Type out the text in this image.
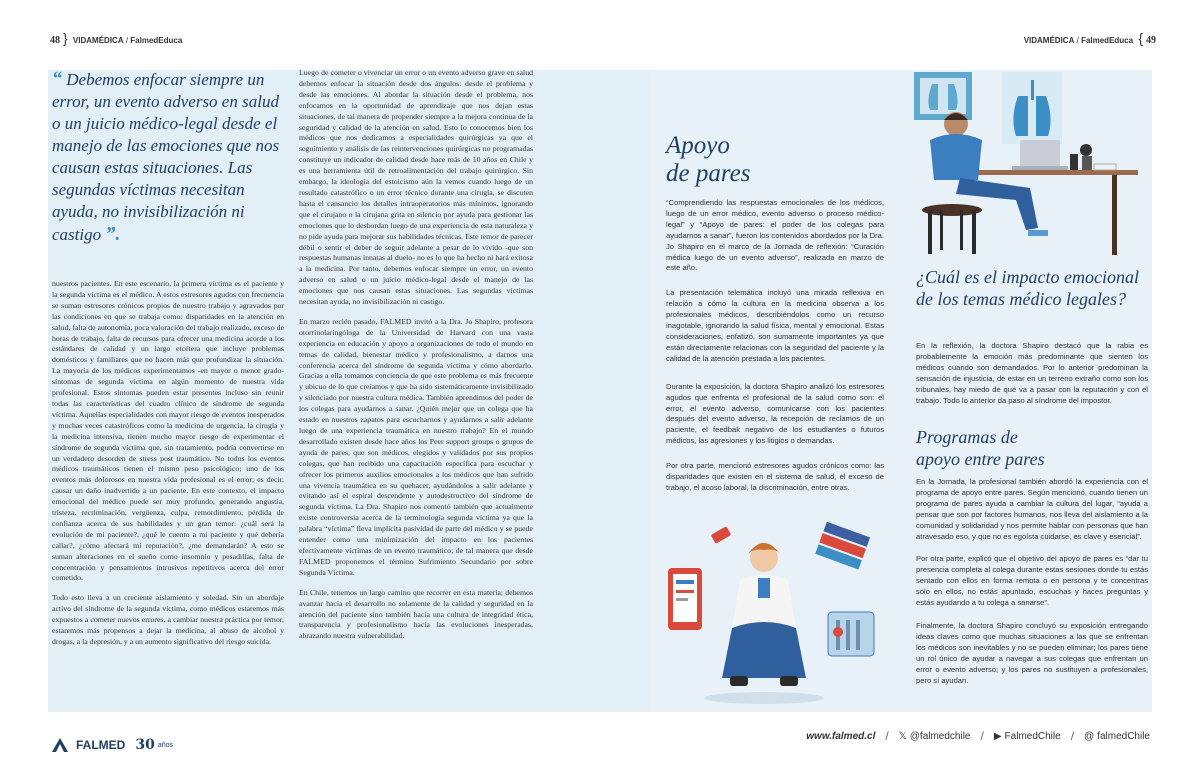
48 } VIDAMÉDICA / FalmedEduca	VIDAMÉDICA / FalmedEduca { 49
“ Debemos enfocar siempre un error, un evento adverso en salud o un juicio médico-legal desde el manejo de las emociones que nos causan estas situaciones. Las segundas víctimas necesitan ayuda, no invisibilización ni castigo ”.

nuestros pacientes. En este escenario, la primera víctima es el paciente y la segunda víctima es el médico. A estos estresores agudos con frecuencia se suman estresores crónicos propios de nuestro trabajo y agravados por las condiciones en que se trabaja como: disparidades en la atención en salud, falta de autonomía, poca valoración del trabajo realizado, exceso de horas de trabajo, falta de recursos para ofrecer una medicina acorde a los estándares de calidad y un largo etcétera que incluye problemas domésticos y familiares que no hacen más que profundizar la situación. La mayoría de los médicos experimentamos -en mayor o menor grado- síntomas de segunda víctima en algún momento de nuestra vida profesional. Estos síntomas pueden estar presentes incluso sin reunir todas las características del cuadro clínico de síndrome de segunda víctima. Aquellas especialidades con mayor riesgo de eventos inesperados y muchas veces catastróficos como la medicina de urgencia, la cirugía y la medicina intensiva, tienen mucho mayor riesgo de experimentar el síndrome de segunda víctima que, sin tratamiento, podría convertirse en un verdadero desorden de stress post traumático. No todos los eventos médicos traumáticos tienen el mismo peso psicológico; uno de los eventos más dolorosos en nuestra vida profesional es el error; es decir, causar un daño inadvertido a un paciente. En este contexto, el impacto emocional del médico puede ser muy profundo, generando angustia, tristeza, recriminación, vergüenza, culpa, remordimiento, pérdida de confianza acerca de sus habilidades y un gran temor: ¿cuál será la evolución de mi paciente?, ¿qué le cuento a mi paciente y qué debería callar?, ¿cómo afectará mi reputación?, ¿me demandarán? A esto se suman alteraciones en el sueño como insomnio y pesadillas, falta de concentración y pensamientos intrusivos repetitivos acerca del error cometido.

Todo esto lleva a un creciente aislamiento y soledad. Sin un abordaje activo del síndrome de la segunda víctima, como médicos estaremos más expuestos a cometer nuevos errores, a cambiar nuestra práctica por temor, estaremos más propensos a dejar la medicina, al abuso de alcohol y drogas, a la depresión, y a un aumento significativo del riesgo suicida.

Luego de cometer o vivenciar un error o un evento adverso grave en salud debemos enfocar la situación desde dos ángulos: desde el problema y desde las emociones. Al abordar la situación desde el problema, nos enfocamos en la oportunidad de aprendizaje que nos dejan estas situaciones, de tal manera de propender siempre a la mejora continua de la seguridad y calidad de la atención en salud. Esto lo conocemos bien los médicos que nos dedicamos a especialidades quirúrgicas ya que el seguimiento y análisis de las reintervenciones quirúrgicas no programadas constituye un indicador de calidad desde hace más de 10 años en Chile y es una herramienta útil de retroalimentación del trabajo quirúrgico. Sin embargo, la ideología del estoicismo aún la vemos cuando luego de un resultado catastrófico o un error técnico durante una cirugía, se discuten hasta el cansancio los detalles intraoperatorios más mínimos, ignorando que el cirujano o la cirujana grita en silencio por ayuda para gestionar las emociones que lo desbordan luego de una experiencia de esta naturaleza y no pide ayuda para mejorar sus habilidades técnicas. Este temor de parecer débil o sentir el deber de seguir adelante a pesar de lo vivido -que son respuestas humanas innatas al duelo- no es lo que ha hecho ni hará exitosa a la medicina. Por tanto, debemos enfocar siempre un error, un evento adverso en salud o un juicio médico-legal desde el manejo de las emociones que nos causan estas situaciones. Las segundas víctimas necesitan ayuda, no invisibilización ni castigo.

En marzo recién pasado, FALMED invitó a la Dra. Jo Shapiro, profesora otorrinolaringóloga de la Universidad de Harvard con una vasta experiencia en educación y apoyo a organizaciones de todo el mundo en temas de calidad, bienestar médico y profesionalismo, a darnos una conferencia acerca del síndrome de segunda víctima y cómo abordarlo. Gracias a ella tomamos conciencia de que este problema es más frecuente y ubicuo de lo que creíamos y que ha sido sistemáticamente invisibilizado y silenciado por nuestra cultura médica. También aprendimos del poder de los colegas para ayudarnos a sanar. ¿Quién mejor que un colega que ha estado en nuestros zapatos para escucharnos y ayudarnos a salir adelante luego de una experiencia traumática en nuestro trabajo? En el mundo desarrollado existen desde hace años los Peer support groups o grupos de ayuda de pares, que son médicos, elegidos y validados por sus propios colegas, que han recibido una capacitación específica para escuchar y ofrecer los primeros auxilios emocionales a los médicos que han sufrido una vivencia traumática en su quehacer, ayudándolos a salir adelante y evitando así el espiral descendente y autodestructivo del síndrome de segunda víctima. La Dra. Shapiro nos comentó también que actualmente existe controversia acerca de la terminología segunda víctima ya que la palabra “víctima” lleva implícita pasividad de parte del médico y se puede entender como una minimización del impacto en los pacientes efectivamente víctimas de un evento traumático; de tal manera que desde FALMED proponemos el término Sufrimiento Secundario por sobre Segunda Víctima.

En Chile, tenemos un largo camino que recorrer en esta materia; debemos avanzar hacia el desarrollo no solamente de la calidad y seguridad en la atención del paciente sino también hacia una cultura de integridad ética, transparencia y profesionalismo hacia las evoluciones inesperadas, abrazando nuestra vulnerabilidad.

Apoyo
de pares

“Comprendiendo las respuestas emocionales de los médicos, luego de un error médico, evento adverso o proceso médico-legal” y “Apoyo de pares: el poder de los colegas para ayudarnos a sanar”, fueron los contenidos abordados por la Dra. Jo Shapiro en el marco de la Jornada de reflexión: “Curación médica luego de un evento adverso”, realizada en marzo de este año.

La presentación telemática incluyó una mirada reflexiva en relación a cómo la cultura en la medicina observa a los profesionales médicos, describiéndolos como un recurso inagotable, ignorando la salud física, mental y emocional. Estas consideraciones, enfatizó, son sumamente importantes ya que están directamente relacionas con la seguridad del paciente y la calidad de la atención prestada a los pacientes.

Durante la exposición, la doctora Shapiro analizó los estresores agudos que enfrenta el profesional de la salud como son: el error, el evento adverso, comunicarse con los pacientes después del evento adverso, la recepción de reclamos de un paciente, el feedbak negativo de los estudiantes o futuros médicos, las agresiones y los litigios o demandas.

Por otra parte, mencionó estresores agudos crónicos como: las disparidades que existen en el sistema de salud, el exceso de trabajo, el acoso laboral, la discriminación, entre otras.

¿Cuál es el impacto emocional de los temas médico legales?

En la reflexión, la doctora Shapiro destacó que la rabia es probablemente la emoción más predominante que sienten los médicos cuando son demandados. Por lo anterior predominan la sensación de injusticia, de estar en un terreno extraño como son los tribunales, hay miedo de qué va a pasar con la reputación y con el trabajo. Todo lo anterior da paso al síndrome del impostor.

Programas de
apoyo entre pares

En la Jornada, la profesional también abordó la experiencia con el programa de apoyo entre pares. Según mencionó, cuando tienen un programa de pares ayuda a cambiar la cultura del lugar, “ayuda a pensar que son por factores humanos, nos lleva del aislamiento a la comunidad y solidaridad y nos permite hablar con personas que han atravesado eso, y que no es egoísta cuidarse, es clave y esencial”.

Por otra parte, explicó que el objetivo del apoyo de pares es “dar tu presencia completa al colega durante estas sesiones donde tu estás sentado con ellos en forma remota o en persona y te concentras solo en ellos, no estás apuntado, escuchas y haces preguntas y estás ayudando a tu colega a sanarse”.

Finalmente, la doctora Shapiro concluyó su exposición entregando ideas claves como que muchas situaciones a las que se enfrentan los médicos son inevitables y no se pueden eliminar; los pares tiene un rol único de ayudar a navegar a sus colegas que enfrentan un error o evento adverso; y los pares no sustituyen a profesionales, pero sí ayudan.

FALMED 30 años
www.falmed.cl / 𝕏 @falmedchile / ▶ FalmedChile / @ falmedChile
